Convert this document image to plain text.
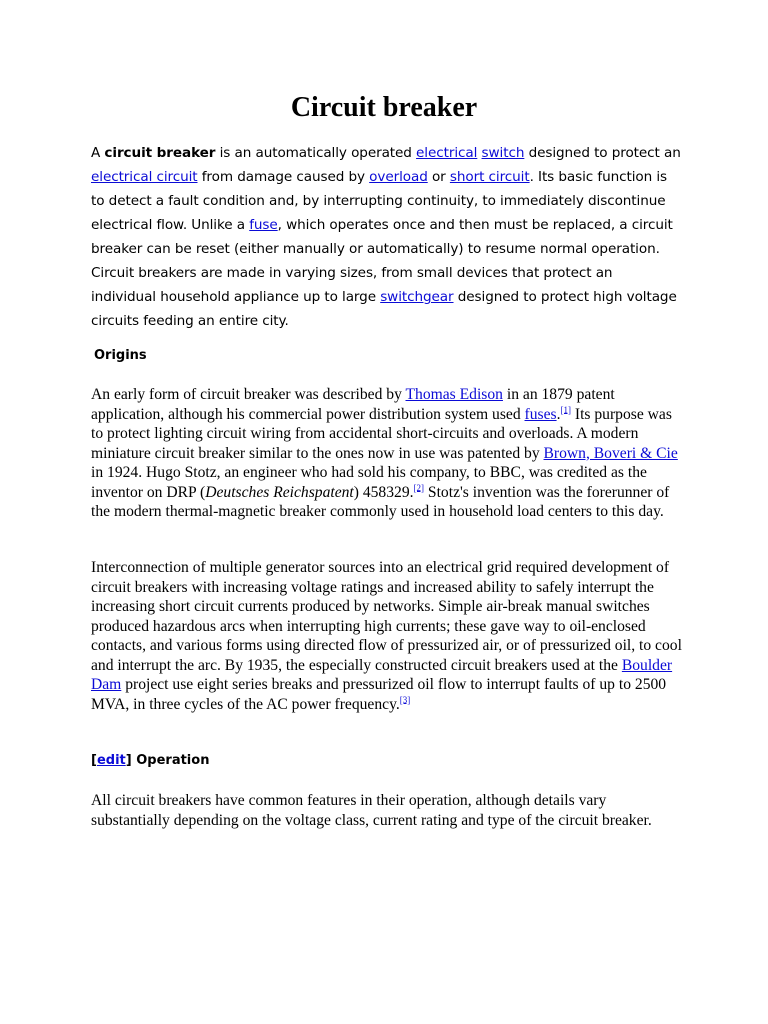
Circuit breaker

A circuit breaker is an automatically operated electrical switch designed to protect an electrical circuit from damage caused by overload or short circuit. Its basic function is to detect a fault condition and, by interrupting continuity, to immediately discontinue electrical flow. Unlike a fuse, which operates once and then must be replaced, a circuit breaker can be reset (either manually or automatically) to resume normal operation. Circuit breakers are made in varying sizes, from small devices that protect an individual household appliance up to large switchgear designed to protect high voltage circuits feeding an entire city.

Origins

An early form of circuit breaker was described by Thomas Edison in an 1879 patent application, although his commercial power distribution system used fuses.[1] Its purpose was to protect lighting circuit wiring from accidental short-circuits and overloads. A modern miniature circuit breaker similar to the ones now in use was patented by Brown, Boveri & Cie in 1924. Hugo Stotz, an engineer who had sold his company, to BBC, was credited as the inventor on DRP (Deutsches Reichspatent) 458329.[2] Stotz's invention was the forerunner of the modern thermal-magnetic breaker commonly used in household load centers to this day.

Interconnection of multiple generator sources into an electrical grid required development of circuit breakers with increasing voltage ratings and increased ability to safely interrupt the increasing short circuit currents produced by networks. Simple air-break manual switches produced hazardous arcs when interrupting high currents; these gave way to oil-enclosed contacts, and various forms using directed flow of pressurized air, or of pressurized oil, to cool and interrupt the arc. By 1935, the especially constructed circuit breakers used at the Boulder Dam project use eight series breaks and pressurized oil flow to interrupt faults of up to 2500 MVA, in three cycles of the AC power frequency.[3]

[edit] Operation

All circuit breakers have common features in their operation, although details vary substantially depending on the voltage class, current rating and type of the circuit breaker.
